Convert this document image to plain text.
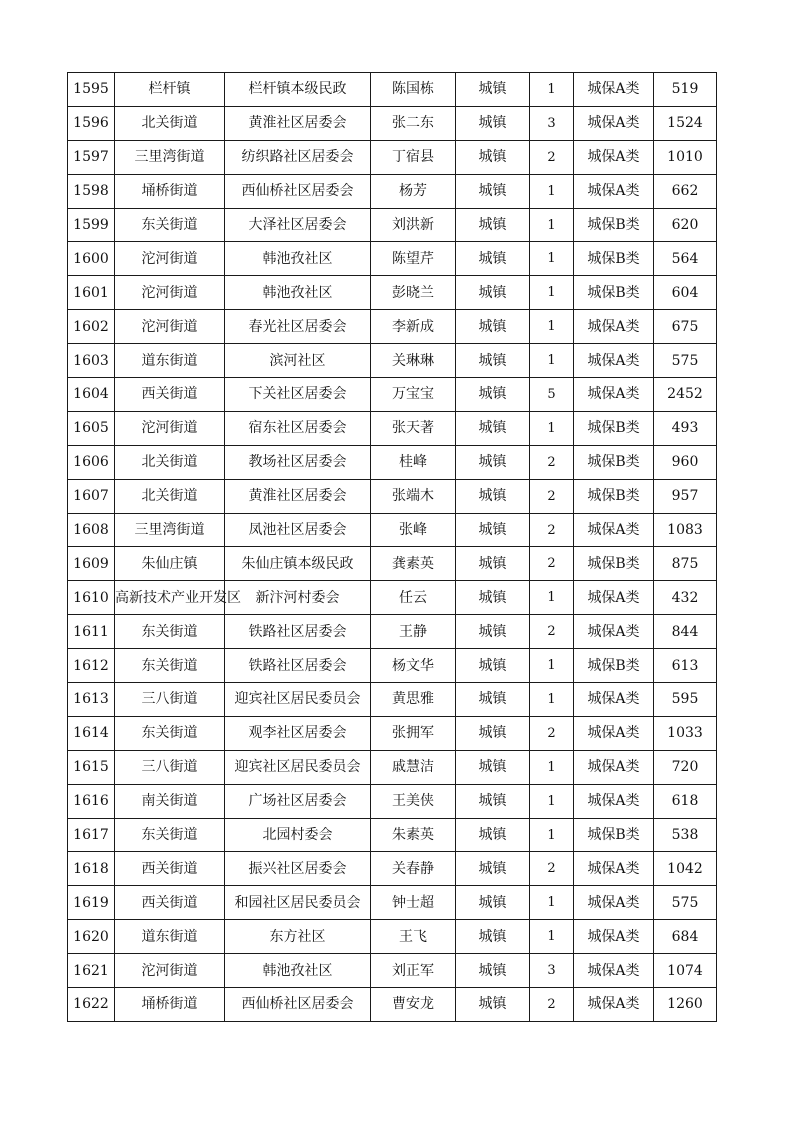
1595	栏杆镇	栏杆镇本级民政	陈国栋	城镇	1	城保A类	519
1596	北关街道	黄淮社区居委会	张二东	城镇	3	城保A类	1524
1597	三里湾街道	纺织路社区居委会	丁宿县	城镇	2	城保A类	1010
1598	埇桥街道	西仙桥社区居委会	杨芳	城镇	1	城保A类	662
1599	东关街道	大泽社区居委会	刘洪新	城镇	1	城保B类	620
1600	沱河街道	韩池孜社区	陈望芹	城镇	1	城保B类	564
1601	沱河街道	韩池孜社区	彭晓兰	城镇	1	城保B类	604
1602	沱河街道	春光社区居委会	李新成	城镇	1	城保A类	675
1603	道东街道	滨河社区	关琳琳	城镇	1	城保A类	575
1604	西关街道	下关社区居委会	万宝宝	城镇	5	城保A类	2452
1605	沱河街道	宿东社区居委会	张天著	城镇	1	城保B类	493
1606	北关街道	教场社区居委会	桂峰	城镇	2	城保B类	960
1607	北关街道	黄淮社区居委会	张端木	城镇	2	城保B类	957
1608	三里湾街道	凤池社区居委会	张峰	城镇	2	城保A类	1083
1609	朱仙庄镇	朱仙庄镇本级民政	龚素英	城镇	2	城保B类	875
1610	高新技术产业开发区	新汴河村委会	任云	城镇	1	城保A类	432
1611	东关街道	铁路社区居委会	王静	城镇	2	城保A类	844
1612	东关街道	铁路社区居委会	杨文华	城镇	1	城保B类	613
1613	三八街道	迎宾社区居民委员会	黄思雅	城镇	1	城保A类	595
1614	东关街道	观李社区居委会	张拥军	城镇	2	城保A类	1033
1615	三八街道	迎宾社区居民委员会	戚慧洁	城镇	1	城保A类	720
1616	南关街道	广场社区居委会	王美侠	城镇	1	城保A类	618
1617	东关街道	北园村委会	朱素英	城镇	1	城保B类	538
1618	西关街道	振兴社区居委会	关春静	城镇	2	城保A类	1042
1619	西关街道	和园社区居民委员会	钟士超	城镇	1	城保A类	575
1620	道东街道	东方社区	王飞	城镇	1	城保A类	684
1621	沱河街道	韩池孜社区	刘正军	城镇	3	城保A类	1074
1622	埇桥街道	西仙桥社区居委会	曹安龙	城镇	2	城保A类	1260
